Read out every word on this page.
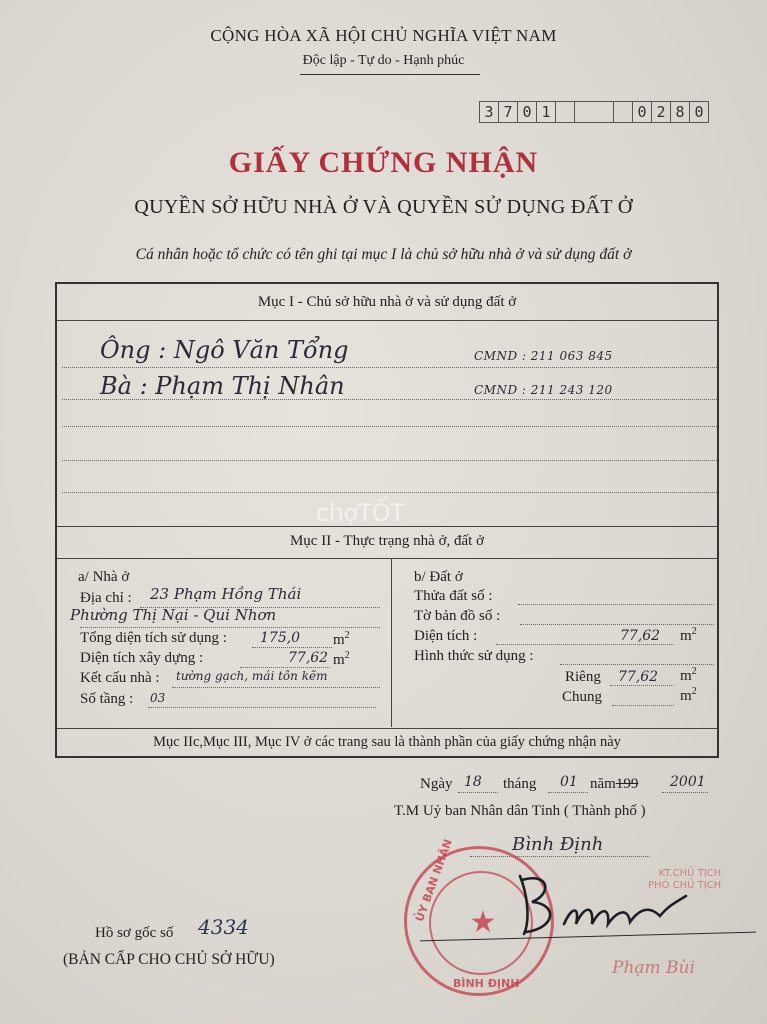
CỘNG HÒA XÃ HỘI CHỦ NGHĨA VIỆT NAM
Độc lập - Tự do - Hạnh phúc
3 7 0 1	0 2 8 0
GIẤY CHỨNG NHẬN
QUYỀN SỞ HỮU NHÀ Ở VÀ QUYỀN SỬ DỤNG ĐẤT Ở
Cá nhân hoặc tổ chức có tên ghi tại mục I là chủ sở hữu nhà ở và sử dụng đất ở
Mục I - Chủ sở hữu nhà ở và sử dụng đất ở
Ông : Ngô Văn Tổng	CMND : 211 063 845
Bà : Phạm Thị Nhân	CMND : 211 243 120
chợTỐT
Mục II - Thực trạng nhà ở, đất ở
a/ Nhà ở
Địa chỉ : 23 Phạm Hồng Thái
Phường Thị Nại - Qui Nhơn
Tổng diện tích sử dụng : 175,0 $m^2$
Diện tích xây dựng :	77,62 $m^2$
Kết cấu nhà : tường gạch, mái tôn kẽm
Số tầng : 03
b/ Đất ở
Thửa đất số :
Tờ bản đồ số :
Diện tích :	77,62 $m^2$
Hình thức sử dụng :
Riêng 77,62 $m^2$
Chung	$m^2$
Mục IIc,Mục III, Mục IV ở các trang sau là thành phần của giấy chứng nhận này
Ngày 18 tháng 01 năm199 2001
T.M Uỷ ban Nhân dân Tỉnh ( Thành phố )
Bình Định
KT.CHỦ TỊCH
PHÓ CHỦ TỊCH
★
ỦY BAN NHÂN
BÌNH ĐỊNH
Phạm Bùi
Hồ sơ gốc số 4334
(BẢN CẤP CHO CHỦ SỞ HỮU)
